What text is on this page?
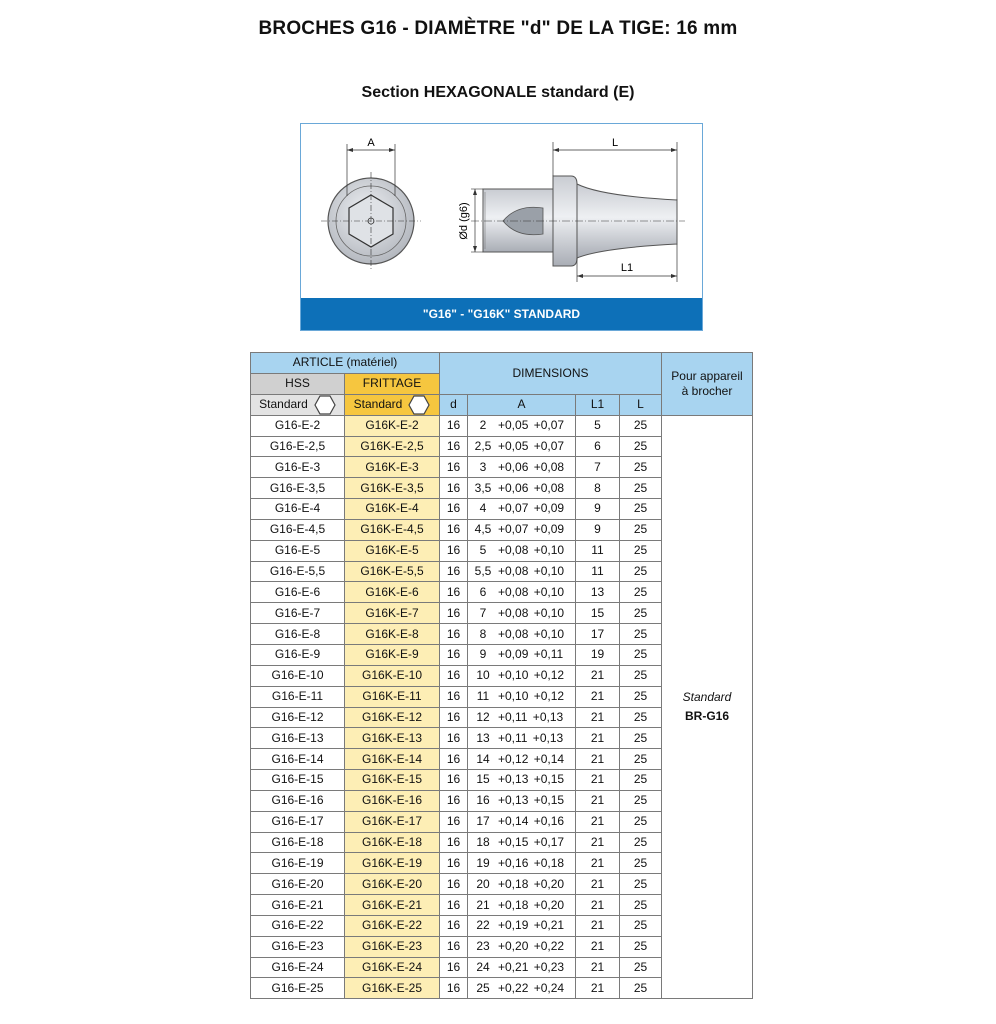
BROCHES G16 - DIAMÈTRE "d" DE LA TIGE: 16 mm
Section HEXAGONALE standard (E)
A	L
L1
Ød (g6)
"G16" - "G16K" STANDARD
ARTICLE (matériel)		DIMENSIONS				Pour appareil
à brocher

HSS	FRITTAGE					

Standard	Standard	d	A	L1	L	
G16-E-2	G16K-E-2	16	2 +0,05 +0,07	5	25	Standard
BR-G16

G16-E-2,5	G16K-E-2,5	16	2,5 +0,05 +0,07	6	25	
G16-E-3	G16K-E-3	16	3 +0,06 +0,08	7	25	
G16-E-3,5	G16K-E-3,5	16	3,5 +0,06 +0,08	8	25	
G16-E-4	G16K-E-4	16	4 +0,07 +0,09	9	25	
G16-E-4,5	G16K-E-4,5	16	4,5 +0,07 +0,09	9	25	
G16-E-5	G16K-E-5	16	5 +0,08 +0,10	11	25	
G16-E-5,5	G16K-E-5,5	16	5,5 +0,08 +0,10	11	25	
G16-E-6	G16K-E-6	16	6 +0,08 +0,10	13	25	
G16-E-7	G16K-E-7	16	7 +0,08 +0,10	15	25	
G16-E-8	G16K-E-8	16	8 +0,08 +0,10	17	25	
G16-E-9	G16K-E-9	16	9 +0,09 +0,11	19	25	
G16-E-10	G16K-E-10	16	10 +0,10 +0,12	21	25	
G16-E-11	G16K-E-11	16	11 +0,10 +0,12	21	25	
G16-E-12	G16K-E-12	16	12 +0,11 +0,13	21	25	
G16-E-13	G16K-E-13	16	13 +0,11 +0,13	21	25	
G16-E-14	G16K-E-14	16	14 +0,12 +0,14	21	25	
G16-E-15	G16K-E-15	16	15 +0,13 +0,15	21	25	
G16-E-16	G16K-E-16	16	16 +0,13 +0,15	21	25	
G16-E-17	G16K-E-17	16	17 +0,14 +0,16	21	25	
G16-E-18	G16K-E-18	16	18 +0,15 +0,17	21	25	
G16-E-19	G16K-E-19	16	19 +0,16 +0,18	21	25	
G16-E-20	G16K-E-20	16	20 +0,18 +0,20	21	25	
G16-E-21	G16K-E-21	16	21 +0,18 +0,20	21	25	
G16-E-22	G16K-E-22	16	22 +0,19 +0,21	21	25	
G16-E-23	G16K-E-23	16	23 +0,20 +0,22	21	25	
G16-E-24	G16K-E-24	16	24 +0,21 +0,23	21	25	
G16-E-25	G16K-E-25	16	25 +0,22 +0,24	21	25	
